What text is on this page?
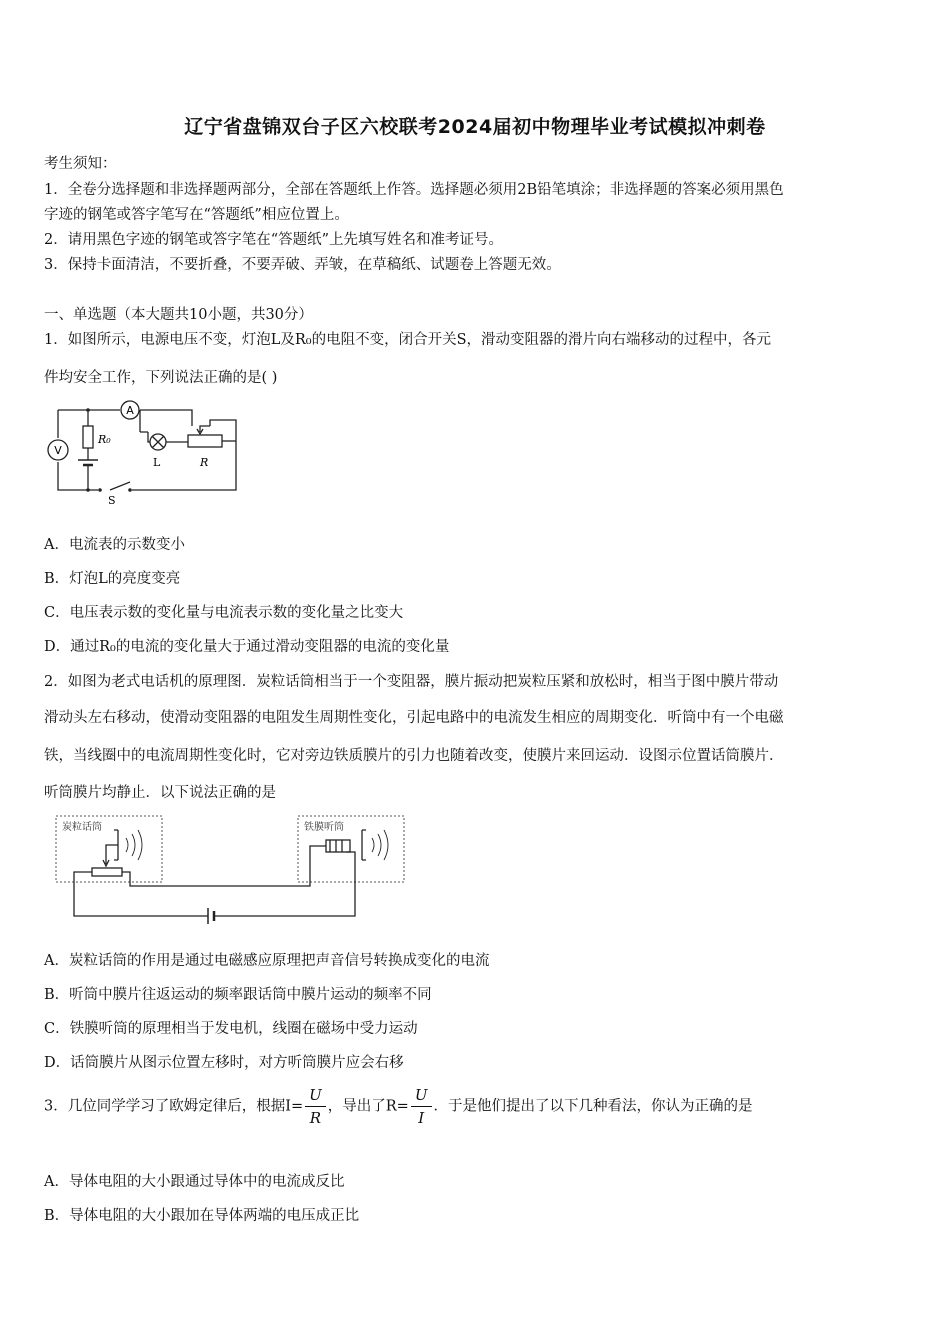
辽宁省盘锦双台子区六校联考2024届初中物理毕业考试模拟冲刺卷
考生须知：
1．全卷分选择题和非选择题两部分，全部在答题纸上作答。选择题必须用2B铅笔填涂；非选择题的答案必须用黑色
字迹的钢笔或答字笔写在“答题纸”相应位置上。
2．请用黑色字迹的钢笔或答字笔在“答题纸”上先填写姓名和准考证号。
3．保持卡面清洁，不要折叠，不要弄破、弄皱，在草稿纸、试题卷上答题无效。
一、单选题（本大题共10小题，共30分）
1．如图所示，电源电压不变，灯泡L及R₀的电阻不变，闭合开关S，滑动变阻器的滑片向右端移动的过程中，各元
件均安全工作，下列说法正确的是( )
A
V
R₀
L	R
S
A．电流表的示数变小
B．灯泡L的亮度变亮
C．电压表示数的变化量与电流表示数的变化量之比变大
D．通过R₀的电流的变化量大于通过滑动变阻器的电流的变化量
2．如图为老式电话机的原理图．炭粒话筒相当于一个变阻器，膜片振动把炭粒压紧和放松时，相当于图中膜片带动
滑动头左右移动，使滑动变阻器的电阻发生周期性变化，引起电路中的电流发生相应的周期变化．听筒中有一个电磁
铁，当线圈中的电流周期性变化时，它对旁边铁质膜片的引力也随着改变，使膜片来回运动．设图示位置话筒膜片．
听筒膜片均静止．以下说法正确的是
炭粒话筒	铁膜听筒
A．炭粒话筒的作用是通过电磁感应原理把声音信号转换成变化的电流
B．听筒中膜片往返运动的频率跟话筒中膜片运动的频率不同
C．铁膜听筒的原理相当于发电机，线圈在磁场中受力运动
D．话筒膜片从图示位置左移时，对方听筒膜片应会右移
3．几位同学学习了欧姆定律后，根据$I= \frac{U}{R}$ ，导出了$R= \frac{U}{I}$ ．于是他们提出了以下几种看法，你认为正确的是
A．导体电阻的大小跟通过导体中的电流成反比
B．导体电阻的大小跟加在导体两端的电压成正比
